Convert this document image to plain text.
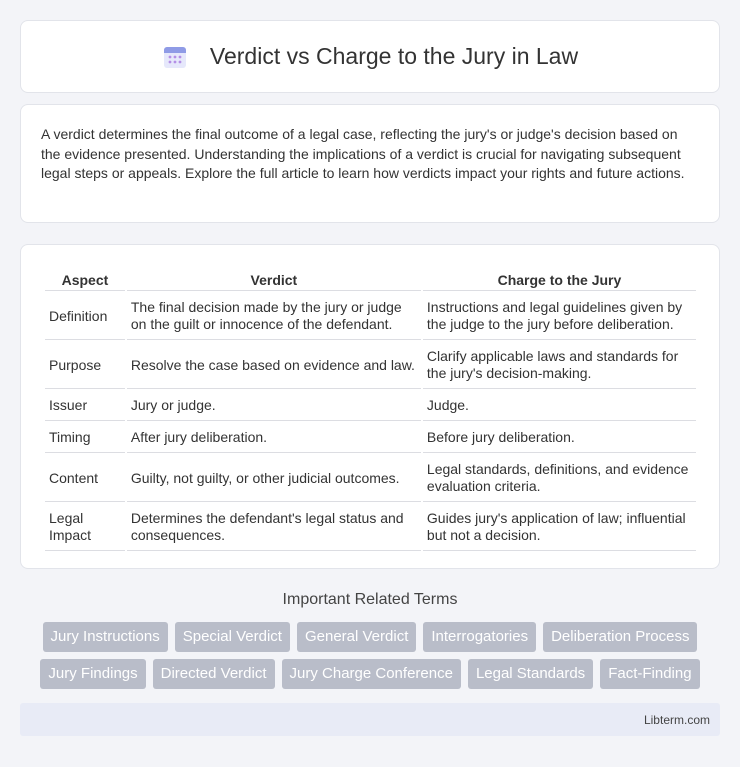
Verdict vs Charge to the Jury in Law

A verdict determines the final outcome of a legal case, reflecting the jury's or judge's decision based on the evidence presented. Understanding the implications of a verdict is crucial for navigating subsequent legal steps or appeals. Explore the full article to learn how verdicts impact your rights and future actions.

Aspect	Verdict	Charge to the Jury
Definition	The final decision made by the jury or judge on the guilt or innocence of the defendant.	Instructions and legal guidelines given by the judge to the jury before deliberation.
Purpose	Resolve the case based on evidence and law.	Clarify applicable laws and standards for the jury's decision-making.
Issuer	Jury or judge.	Judge.
Timing	After jury deliberation.	Before jury deliberation.
Content	Guilty, not guilty, or other judicial outcomes.	Legal standards, definitions, and evidence evaluation criteria.
Legal Impact	Determines the defendant's legal status and consequences.	Guides jury's application of law; influential but not a decision.
Important Related Terms
Jury Instructions	Special Verdict	General Verdict	Interrogatories	Deliberation Process
Jury Findings	Directed Verdict	Jury Charge Conference	Legal Standards	Fact-Finding
Libterm.com
